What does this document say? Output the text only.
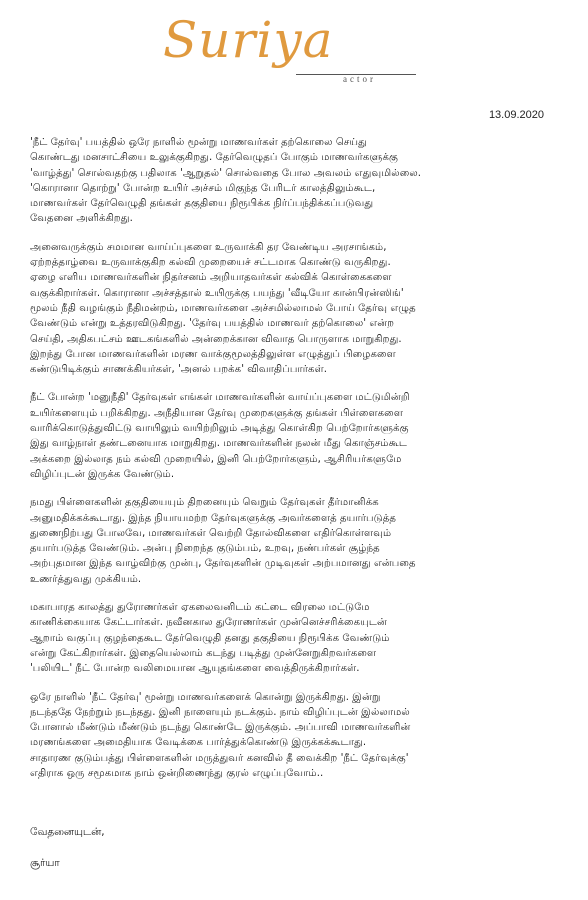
Suriya
actor
13.09.2020
'நீட் தேர்வு' பயத்தில் ஒரே நாளில் மூன்று மாணவர்கள் தற்கொலை செய்து
கொண்டது மனசாட்சியை உலுக்குகிறது. தேர்வெழுதப் போகும் மாணவர்களுக்கு
'வாழ்த்து' சொல்வதற்கு பதிலாக 'ஆறுதல்' சொல்வதை போல அவலம் எதுவுமில்லை.
'கொரானா தொற்று' போன்ற உயிர் அச்சம் மிகுந்த பேரிடர் காலத்திலும்கூட,
மாணவர்கள் தேர்வெழுதி தங்கள் தகுதியை நிரூபிக்க நிர்ப்பந்திக்கப்படுவது
வேதனை அளிக்கிறது.
அனைவருக்கும் சமமான வாய்ப்புகளை உருவாக்கி தர வேண்டிய அரசாங்கம்,
ஏற்றத்தாழ்வை உருவாக்குகிற கல்வி முறையைச் சட்டமாக கொண்டு வருகிறது.
ஏழை எளிய மாணவர்களின் நிதர்சனம் அறியாதவர்கள் கல்விக் கொள்கைகளை
வகுக்கிறார்கள். கொரானா அச்சத்தால் உயிருக்கு பயந்து 'வீடியோ கான்பிரன்ஸிங்'
மூலம் நீதி வழங்கும் நீதிமன்றம், மாணவர்களை அச்சமில்லாமல் போய் தேர்வு எழுத
வேண்டும் என்று உத்தரவிடுகிறது. 'தேர்வு பயத்தில் மாணவர் தற்கொலை' என்ற
செய்தி, அதிகபட்சம் ஊடகங்களில் அன்றைக்கான விவாத பொருளாக மாறுகிறது.
இறந்து போன மாணவர்களின் மரண வாக்குமூலத்திலுள்ள எழுத்துப் பிழைகளை
கண்டுபிடிக்கும் சாணக்கியர்கள், 'அனல் பறக்க' விவாதிப்பார்கள்.
நீட் போன்ற 'மனுநீதி' தேர்வுகள் எங்கள் மாணவர்களின் வாய்ப்புகளை மட்டுமின்றி
உயிர்களையும் பறிக்கிறது. அநீதியான தேர்வு முறைகளுக்கு தங்கள் பிள்ளைகளை
வாரிக்கொடுத்துவிட்டு வாயிலும் வயிற்றிலும் அடித்து கொள்கிற பெற்றோர்களுக்கு
இது வாழ்நாள் தண்டனையாக மாறுகிறது. மாணவர்களின் நலன் மீது கொஞ்சம்கூட
அக்கறை இல்லாத நம் கல்வி முறையில், இனி பெற்றோர்களும், ஆசிரியர்களுமே
விழிப்புடன் இருக்க வேண்டும்.
நமது பிள்ளைகளின் தகுதியையும் திறனையும் வெறும் தேர்வுகள் தீர்மானிக்க
அனுமதிக்கக்கூடாது. இந்த நியாயமற்ற தேர்வுகளுக்கு அவர்களைத் தயார்படுத்த
துணைநிற்பது போலவே, மாணவர்கள் வெற்றி தோல்விகளை எதிர்கொள்ளவும்
தயார்படுத்த வேண்டும். அன்பு நிறைந்த குடும்பம், உறவு, நண்பர்கள் சூழ்ந்த
அற்புதமான இந்த வாழ்விற்கு முன்பு, தேர்வுகளின் முடிவுகள் அற்பமானது என்பதை
உணர்த்துவது முக்கியம்.
மகாபாரத காலத்து துரோணர்கள் ஏகலைவனிடம் கட்டை விரலை மட்டுமே
காணிக்கையாக கேட்டார்கள். நவீனகால துரோணர்கள் முன்னெச்சரிக்கையுடன்
ஆறாம் வகுப்பு குழந்தைகூட தேர்வெழுதி தனது தகுதியை நிரூபிக்க வேண்டும்
என்று கேட்கிறார்கள். இதையெல்லாம் கடந்து படித்து முன்னேறுகிறவர்களை
'பலியிட' நீட் போன்ற வலிமையான ஆயுதங்களை வைத்திருக்கிறார்கள்.
ஒரே நாளில் 'நீட் தேர்வு' மூன்று மாணவர்களைக் கொன்று இருக்கிறது. இன்று
நடந்ததே நேற்றும் நடந்தது. இனி நாளையும் நடக்கும். நாம் விழிப்புடன் இல்லாமல்
போனால் மீண்டும் மீண்டும் நடந்து கொண்டே இருக்கும். அப்பாவி மாணவர்களின்
மரணங்களை அமைதியாக வேடிக்கை பார்த்துக்கொண்டு இருக்கக்கூடாது.
சாதாரண குடும்பத்து பிள்ளைகளின் மருத்துவர் கனவில் தீ வைக்கிற 'நீட் தேர்வுக்கு'
எதிராக ஒரு சமூகமாக நாம் ஒன்றிணைந்து குரல் எழுப்புவோம்..
வேதனையுடன்,
சூர்யா
